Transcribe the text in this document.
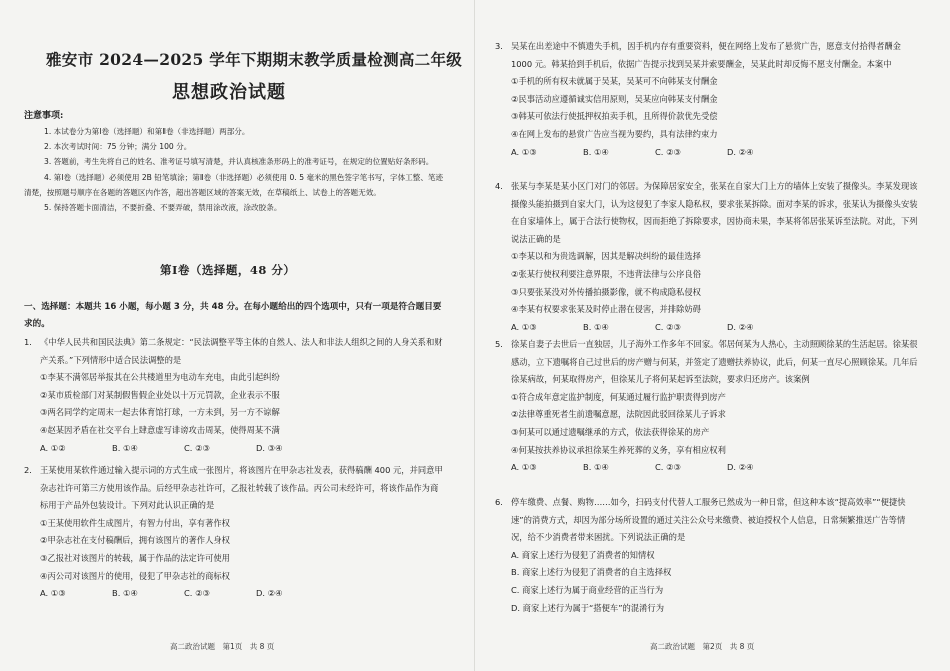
雅安市 2024—2025 学年下期期末教学质量检测高二年级
思想政治试题
注意事项:

1. 本试卷分为第Ⅰ卷（选择题）和第Ⅱ卷（非选择题）两部分。

2. 本次考试时间：75 分钟；满分 100 分。

3. 答题前，考生先将自己的姓名、准考证号填写清楚，并认真核准条形码上的准考证号，在规定的位置贴好条形码。

4. 第Ⅰ卷（选择题）必须使用 2B 铅笔填涂；第Ⅱ卷（非选择题）必须使用 0. 5 毫米的黑色签字笔书写，字体工整、笔迹清楚，按照题号顺序在各题的答题区内作答，超出答题区域的答案无效，在草稿纸上、试卷上的答题无效。

5. 保持答题卡面清洁，不要折叠、不要弄破，禁用涂改液，涂改胶条。

第Ⅰ卷（选择题，48 分）
一、选择题：本题共 16 小题，每小题 3 分，共 48 分。在每小题给出的四个选项中，只有一项是符合题目要求的。

1. 《中华人民共和国民法典》第二条规定：“民法调整平等主体的自然人、法人和非法人组织之间的人身关系和财产关系。”下列情形中适合民法调整的是

①李某不满邻居举报其在公共楼道里为电动车充电，由此引起纠纷

②某市质检部门对某制假售假企业处以十万元罚款，企业表示不服

③两名同学约定周末一起去体育馆打球，一方未到，另一方不谅解

④赵某因矛盾在社交平台上肆意虚写诽谤攻击周某，使得周某不满

A. ①②	B. ①④	C. ②③	D. ③④

2. 王某使用某软件通过输入提示词的方式生成一张图片，将该图片在甲杂志社发表，获得稿酬 400 元，并同意甲杂志社许可第三方使用该作品。后经甲杂志社许可，乙报社转载了该作品。丙公司未经许可，将该作品作为商标用于产品外包装设计。下列对此认识正确的是

①王某使用软件生成图片，有智力付出，享有著作权

②甲杂志社在支付稿酬后，拥有该图片的著作人身权

③乙报社对该图片的转载，属于作品的法定许可使用

④丙公司对该图片的使用，侵犯了甲杂志社的商标权

A. ①③	B. ①④	C. ②③	D. ②④

高二政治试题　第1页　共 8 页

3. 吴某在出差途中不慎遗失手机，因手机内存有重要资料，便在网络上发布了悬赏广告，愿意支付拾得者酬金 1000 元。韩某拾到手机后，依据广告提示找到吴某并索要酬金，吴某此时却反悔不愿支付酬金。本案中

①手机的所有权未就属于吴某，吴某可不向韩某支付酬金

②民事活动应遵循诚实信用原则，吴某应向韩某支付酬金

③韩某可依法行使抵押权拍卖手机，且所得价款优先受偿

④在网上发布的悬赏广告应当视为要约，具有法律约束力

A. ①③	B. ①④	C. ②③	D. ②④

4. 张某与李某是某小区门对门的邻居。为保障居家安全，张某在自家大门上方的墙体上安装了摄像头。李某发现该摄像头能拍摄到自家大门，认为这侵犯了李家人隐私权，要求张某拆除。面对李某的诉求，张某认为摄像头安装在自家墙体上，属于合法行使物权，因而拒绝了拆除要求，因协商未果，李某将邻居张某诉至法院。对此，下列说法正确的是

①李某以和为贵选调解，因其是解决纠纷的最佳选择

②张某行使权利要注意界限，不违背法律与公序良俗

③只要张某没对外传播拍摄影像，就不构成隐私侵权

④李某有权要求张某及时停止潜在侵害，并排除妨碍

A. ①③	B. ①④	C. ②③	D. ②④

5. 徐某自妻子去世后一直独居，儿子海外工作多年不回家。邻居何某为人热心，主动照顾徐某的生活起居。徐某很感动，立下遗嘱将自己过世后的房产赠与何某，并签定了遗赠扶养协议，此后，何某一直尽心照顾徐某。几年后徐某病故，何某取得房产，但徐某儿子将何某起诉至法院，要求归还房产。该案例

①符合成年意定监护制度，何某通过履行监护职责得到房产

②法律尊重死者生前遗嘱意愿，法院因此驳回徐某儿子诉求

③何某可以通过遗嘱继承的方式，依法获得徐某的房产

④何某按扶养协议承担徐某生养死葬的义务，享有相应权利

A. ①③	B. ①④	C. ②③	D. ②④

6. 停车缴费、点餐、购物……如今，扫码支付代替人工服务已然成为一种日常，但这种本该“提高效率”“便捷快速”的消费方式，却因为部分场所设置的通过关注公众号来缴费、被迫授权个人信息，日常频繁推送广告等情况，给不少消费者带来困扰。下列说法正确的是

A. 商家上述行为侵犯了消费者的知情权

B. 商家上述行为侵犯了消费者的自主选择权

C. 商家上述行为属于商业经营的正当行为

D. 商家上述行为属于“搭便车”的混淆行为

高二政治试题　第2页　共 8 页
